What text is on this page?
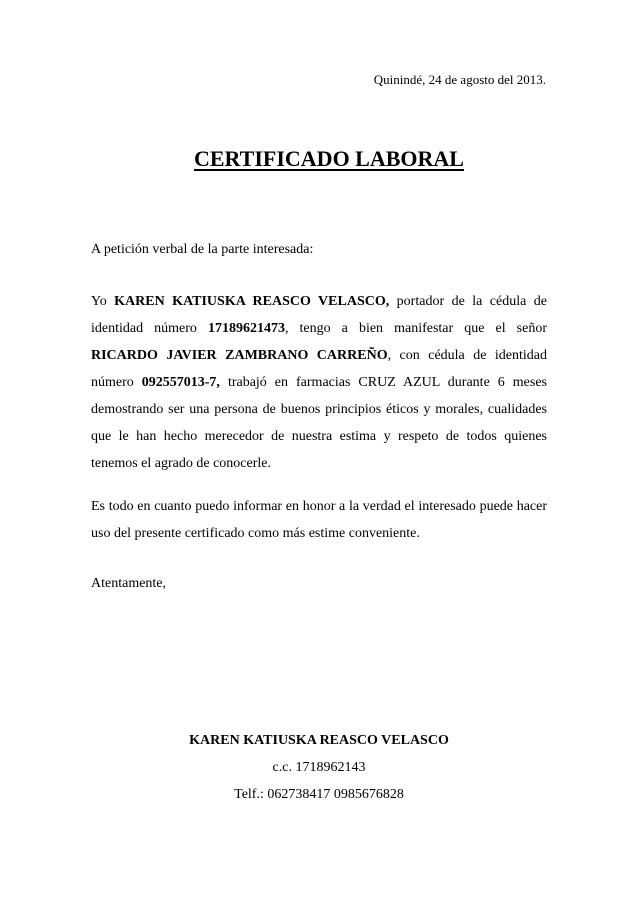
Quinindé, 24 de agosto del 2013.
CERTIFICADO LABORAL
A petición verbal de la parte interesada:
Yo KAREN KATIUSKA REASCO VELASCO, portador de la cédula de identidad número 17189621473, tengo a bien manifestar que el señor RICARDO JAVIER ZAMBRANO CARREÑO, con cédula de identidad número 092557013-7, trabajó en farmacias CRUZ AZUL durante 6 meses demostrando ser una persona de buenos principios éticos y morales, cualidades que le han hecho merecedor de nuestra estima y respeto de todos quienes tenemos el agrado de conocerle.
Es todo en cuanto puedo informar en honor a la verdad el interesado puede hacer uso del presente certificado como más estime conveniente.
Atentamente,
KAREN KATIUSKA REASCO VELASCO
c.c. 1718962143
Telf.: 062738417 0985676828
